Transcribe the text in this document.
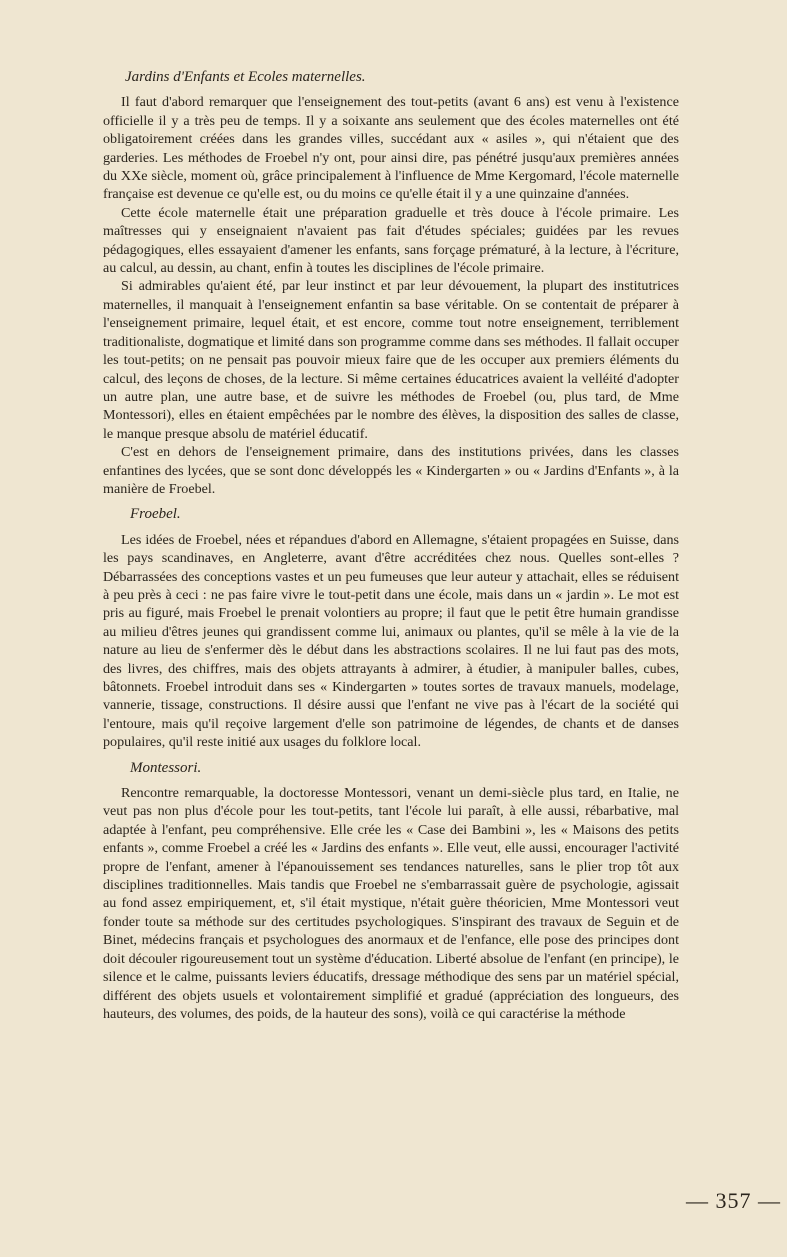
Jardins d'Enfants et Ecoles maternelles.

Il faut d'abord remarquer que l'enseignement des tout-petits (avant 6 ans) est venu à l'existence officielle il y a très peu de temps. Il y a soixante ans seulement que des écoles maternelles ont été obligatoirement créées dans les grandes villes, succédant aux « asiles », qui n'étaient que des garderies. Les méthodes de Froebel n'y ont, pour ainsi dire, pas pénétré jusqu'aux premières années du XXe siècle, moment où, grâce principalement à l'influence de Mme Kergomard, l'école maternelle française est devenue ce qu'elle est, ou du moins ce qu'elle était il y a une quinzaine d'années.

Cette école maternelle était une préparation graduelle et très douce à l'école primaire. Les maîtresses qui y enseignaient n'avaient pas fait d'études spéciales; guidées par les revues pédagogiques, elles essayaient d'amener les enfants, sans forçage prématuré, à la lecture, à l'écriture, au calcul, au dessin, au chant, enfin à toutes les disciplines de l'école primaire.

Si admirables qu'aient été, par leur instinct et par leur dévouement, la plupart des institutrices maternelles, il manquait à l'enseignement enfantin sa base véritable. On se contentait de préparer à l'enseignement primaire, lequel était, et est encore, comme tout notre enseignement, terriblement traditionaliste, dogmatique et limité dans son programme comme dans ses méthodes. Il fallait occuper les tout-petits; on ne pensait pas pouvoir mieux faire que de les occuper aux premiers éléments du calcul, des leçons de choses, de la lecture. Si même certaines éducatrices avaient la velléité d'adopter un autre plan, une autre base, et de suivre les méthodes de Froebel (ou, plus tard, de Mme Montessori), elles en étaient empêchées par le nombre des élèves, la disposition des salles de classe, le manque presque absolu de matériel éducatif.

C'est en dehors de l'enseignement primaire, dans des institutions privées, dans les classes enfantines des lycées, que se sont donc développés les « Kindergarten » ou « Jardins d'Enfants », à la manière de Froebel.

Froebel.

Les idées de Froebel, nées et répandues d'abord en Allemagne, s'étaient propagées en Suisse, dans les pays scandinaves, en Angleterre, avant d'être accréditées chez nous. Quelles sont-elles ? Débarrassées des conceptions vastes et un peu fumeuses que leur auteur y attachait, elles se réduisent à peu près à ceci : ne pas faire vivre le tout-petit dans une école, mais dans un « jardin ». Le mot est pris au figuré, mais Froebel le prenait volontiers au propre; il faut que le petit être humain grandisse au milieu d'êtres jeunes qui grandissent comme lui, animaux ou plantes, qu'il se mêle à la vie de la nature au lieu de s'enfermer dès le début dans les abstractions scolaires. Il ne lui faut pas des mots, des livres, des chiffres, mais des objets attrayants à admirer, à étudier, à manipuler balles, cubes, bâtonnets. Froebel introduit dans ses « Kindergarten » toutes sortes de travaux manuels, modelage, vannerie, tissage, constructions. Il désire aussi que l'enfant ne vive pas à l'écart de la société qui l'entoure, mais qu'il reçoive largement d'elle son patrimoine de légendes, de chants et de danses populaires, qu'il reste initié aux usages du folklore local.

Montessori.

Rencontre remarquable, la doctoresse Montessori, venant un demi-siècle plus tard, en Italie, ne veut pas non plus d'école pour les tout-petits, tant l'école lui paraît, à elle aussi, rébarbative, mal adaptée à l'enfant, peu compréhensive. Elle crée les « Case dei Bambini », les « Maisons des petits enfants », comme Froebel a créé les « Jardins des enfants ». Elle veut, elle aussi, encourager l'activité propre de l'enfant, amener à l'épanouissement ses tendances naturelles, sans le plier trop tôt aux disciplines traditionnelles. Mais tandis que Froebel ne s'embarrassait guère de psychologie, agissait au fond assez empiriquement, et, s'il était mystique, n'était guère théoricien, Mme Montessori veut fonder toute sa méthode sur des certitudes psychologiques. S'inspirant des travaux de Seguin et de Binet, médecins français et psychologues des anormaux et de l'enfance, elle pose des principes dont doit découler rigoureusement tout un système d'éducation. Liberté absolue de l'enfant (en principe), le silence et le calme, puissants leviers éducatifs, dressage méthodique des sens par un matériel spécial, différent des objets usuels et volontairement simplifié et gradué (appréciation des longueurs, des hauteurs, des volumes, des poids, de la hauteur des sons), voilà ce qui caractérise la méthode

— 357 —
